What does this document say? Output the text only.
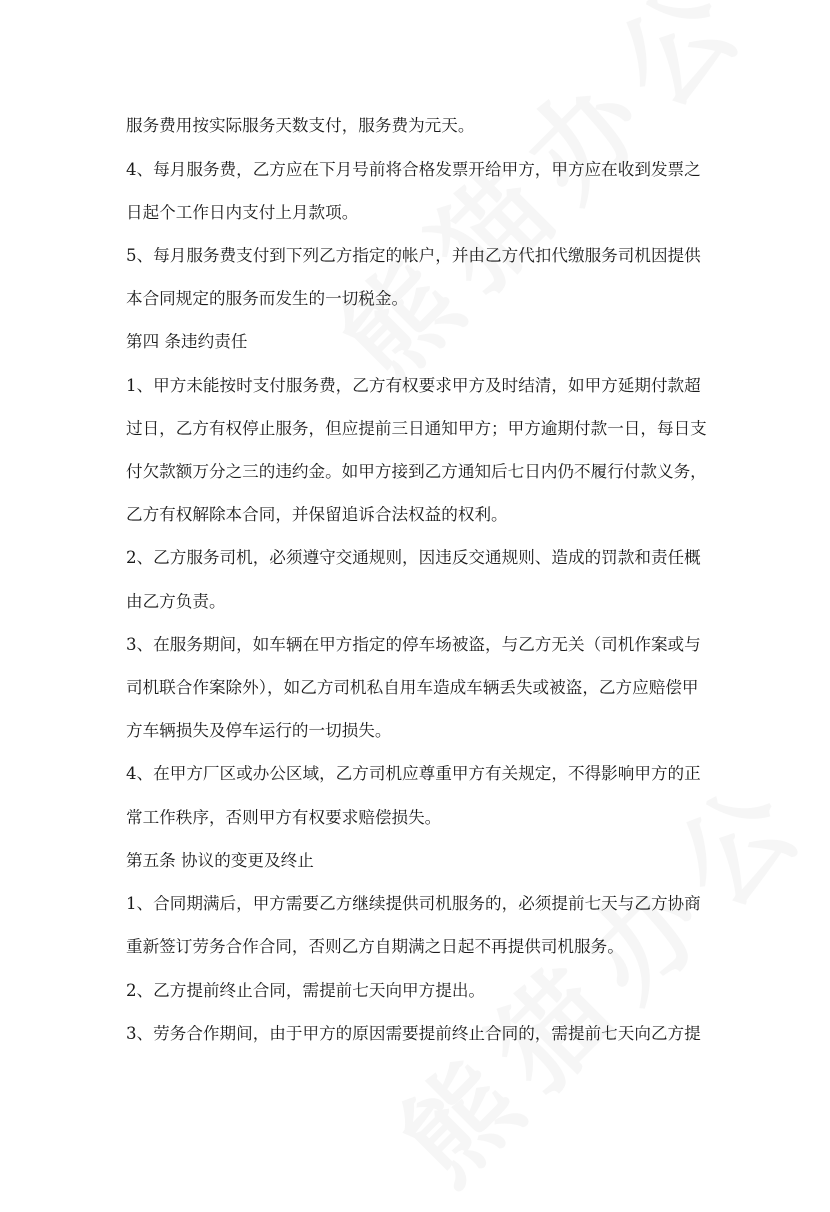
服务费用按实际服务天数支付，服务费为元天。
4、每月服务费，乙方应在下月号前将合格发票开给甲方，甲方应在收到发票之
日起个工作日内支付上月款项。
5、每月服务费支付到下列乙方指定的帐户，并由乙方代扣代缴服务司机因提供
本合同规定的服务而发生的一切税金。
第四 条违约责任
1、甲方未能按时支付服务费，乙方有权要求甲方及时结清，如甲方延期付款超
过日，乙方有权停止服务，但应提前三日通知甲方；甲方逾期付款一日，每日支
付欠款额万分之三的违约金。如甲方接到乙方通知后七日内仍不履行付款义务，
乙方有权解除本合同，并保留追诉合法权益的权利。
2、乙方服务司机，必须遵守交通规则，因违反交通规则、造成的罚款和责任概
由乙方负责。
3、在服务期间，如车辆在甲方指定的停车场被盗，与乙方无关（司机作案或与
司机联合作案除外），如乙方司机私自用车造成车辆丢失或被盗，乙方应赔偿甲
方车辆损失及停车运行的一切损失。
4、在甲方厂区或办公区域，乙方司机应尊重甲方有关规定，不得影响甲方的正
常工作秩序，否则甲方有权要求赔偿损失。
第五条 协议的变更及终止
1、合同期满后，甲方需要乙方继续提供司机服务的，必须提前七天与乙方协商
重新签订劳务合作合同，否则乙方自期满之日起不再提供司机服务。
2、乙方提前终止合同，需提前七天向甲方提出。
3、劳务合作期间，由于甲方的原因需要提前终止合同的，需提前七天向乙方提
